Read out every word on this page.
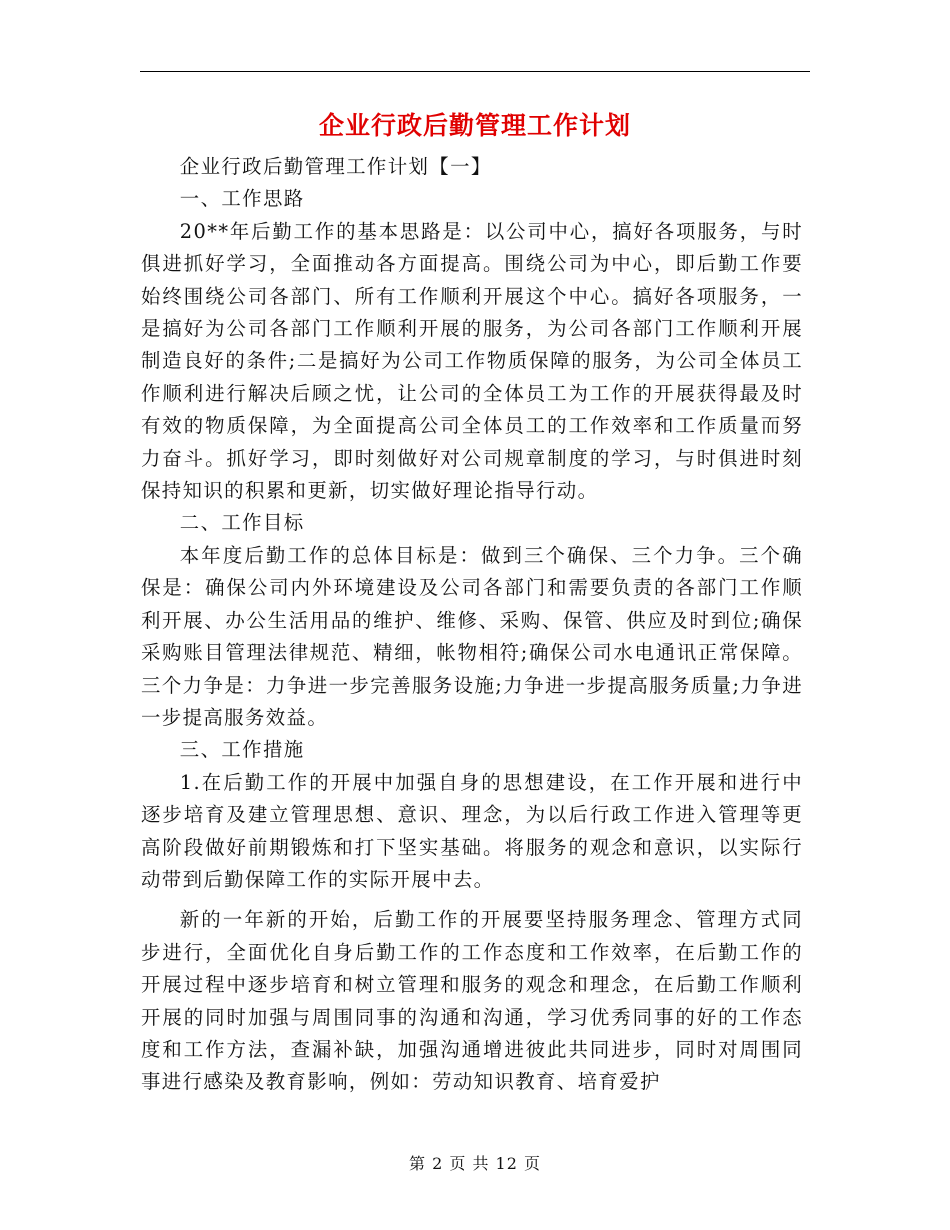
企业行政后勤管理工作计划

企业行政后勤管理工作计划【一】

一、工作思路

20**年后勤工作的基本思路是：以公司中心，搞好各项服务，与时俱进抓好学习，全面推动各方面提高。围绕公司为中心，即后勤工作要始终围绕公司各部门、所有工作顺利开展这个中心。搞好各项服务，一是搞好为公司各部门工作顺利开展的服务，为公司各部门工作顺利开展制造良好的条件;二是搞好为公司工作物质保障的服务，为公司全体员工作顺利进行解决后顾之忧，让公司的全体员工为工作的开展获得最及时有效的物质保障，为全面提高公司全体员工的工作效率和工作质量而努力奋斗。抓好学习，即时刻做好对公司规章制度的学习，与时俱进时刻保持知识的积累和更新，切实做好理论指导行动。

二、工作目标

本年度后勤工作的总体目标是：做到三个确保、三个力争。三个确保是：确保公司内外环境建设及公司各部门和需要负责的各部门工作顺利开展、办公生活用品的维护、维修、采购、保管、供应及时到位;确保采购账目管理法律规范、精细，帐物相符;确保公司水电通讯正常保障。三个力争是：力争进一步完善服务设施;力争进一步提高服务质量;力争进一步提高服务效益。

三、工作措施

1.在后勤工作的开展中加强自身的思想建设，在工作开展和进行中逐步培育及建立管理思想、意识、理念，为以后行政工作进入管理等更高阶段做好前期锻炼和打下坚实基础。将服务的观念和意识，以实际行动带到后勤保障工作的实际开展中去。

新的一年新的开始，后勤工作的开展要坚持服务理念、管理方式同步进行，全面优化自身后勤工作的工作态度和工作效率，在后勤工作的开展过程中逐步培育和树立管理和服务的观念和理念，在后勤工作顺利开展的同时加强与周围同事的沟通和沟通，学习优秀同事的好的工作态度和工作方法，查漏补缺，加强沟通增进彼此共同进步，同时对周围同事进行感染及教育影响，例如：劳动知识教育、培育爱护

第 2 页 共 12 页
